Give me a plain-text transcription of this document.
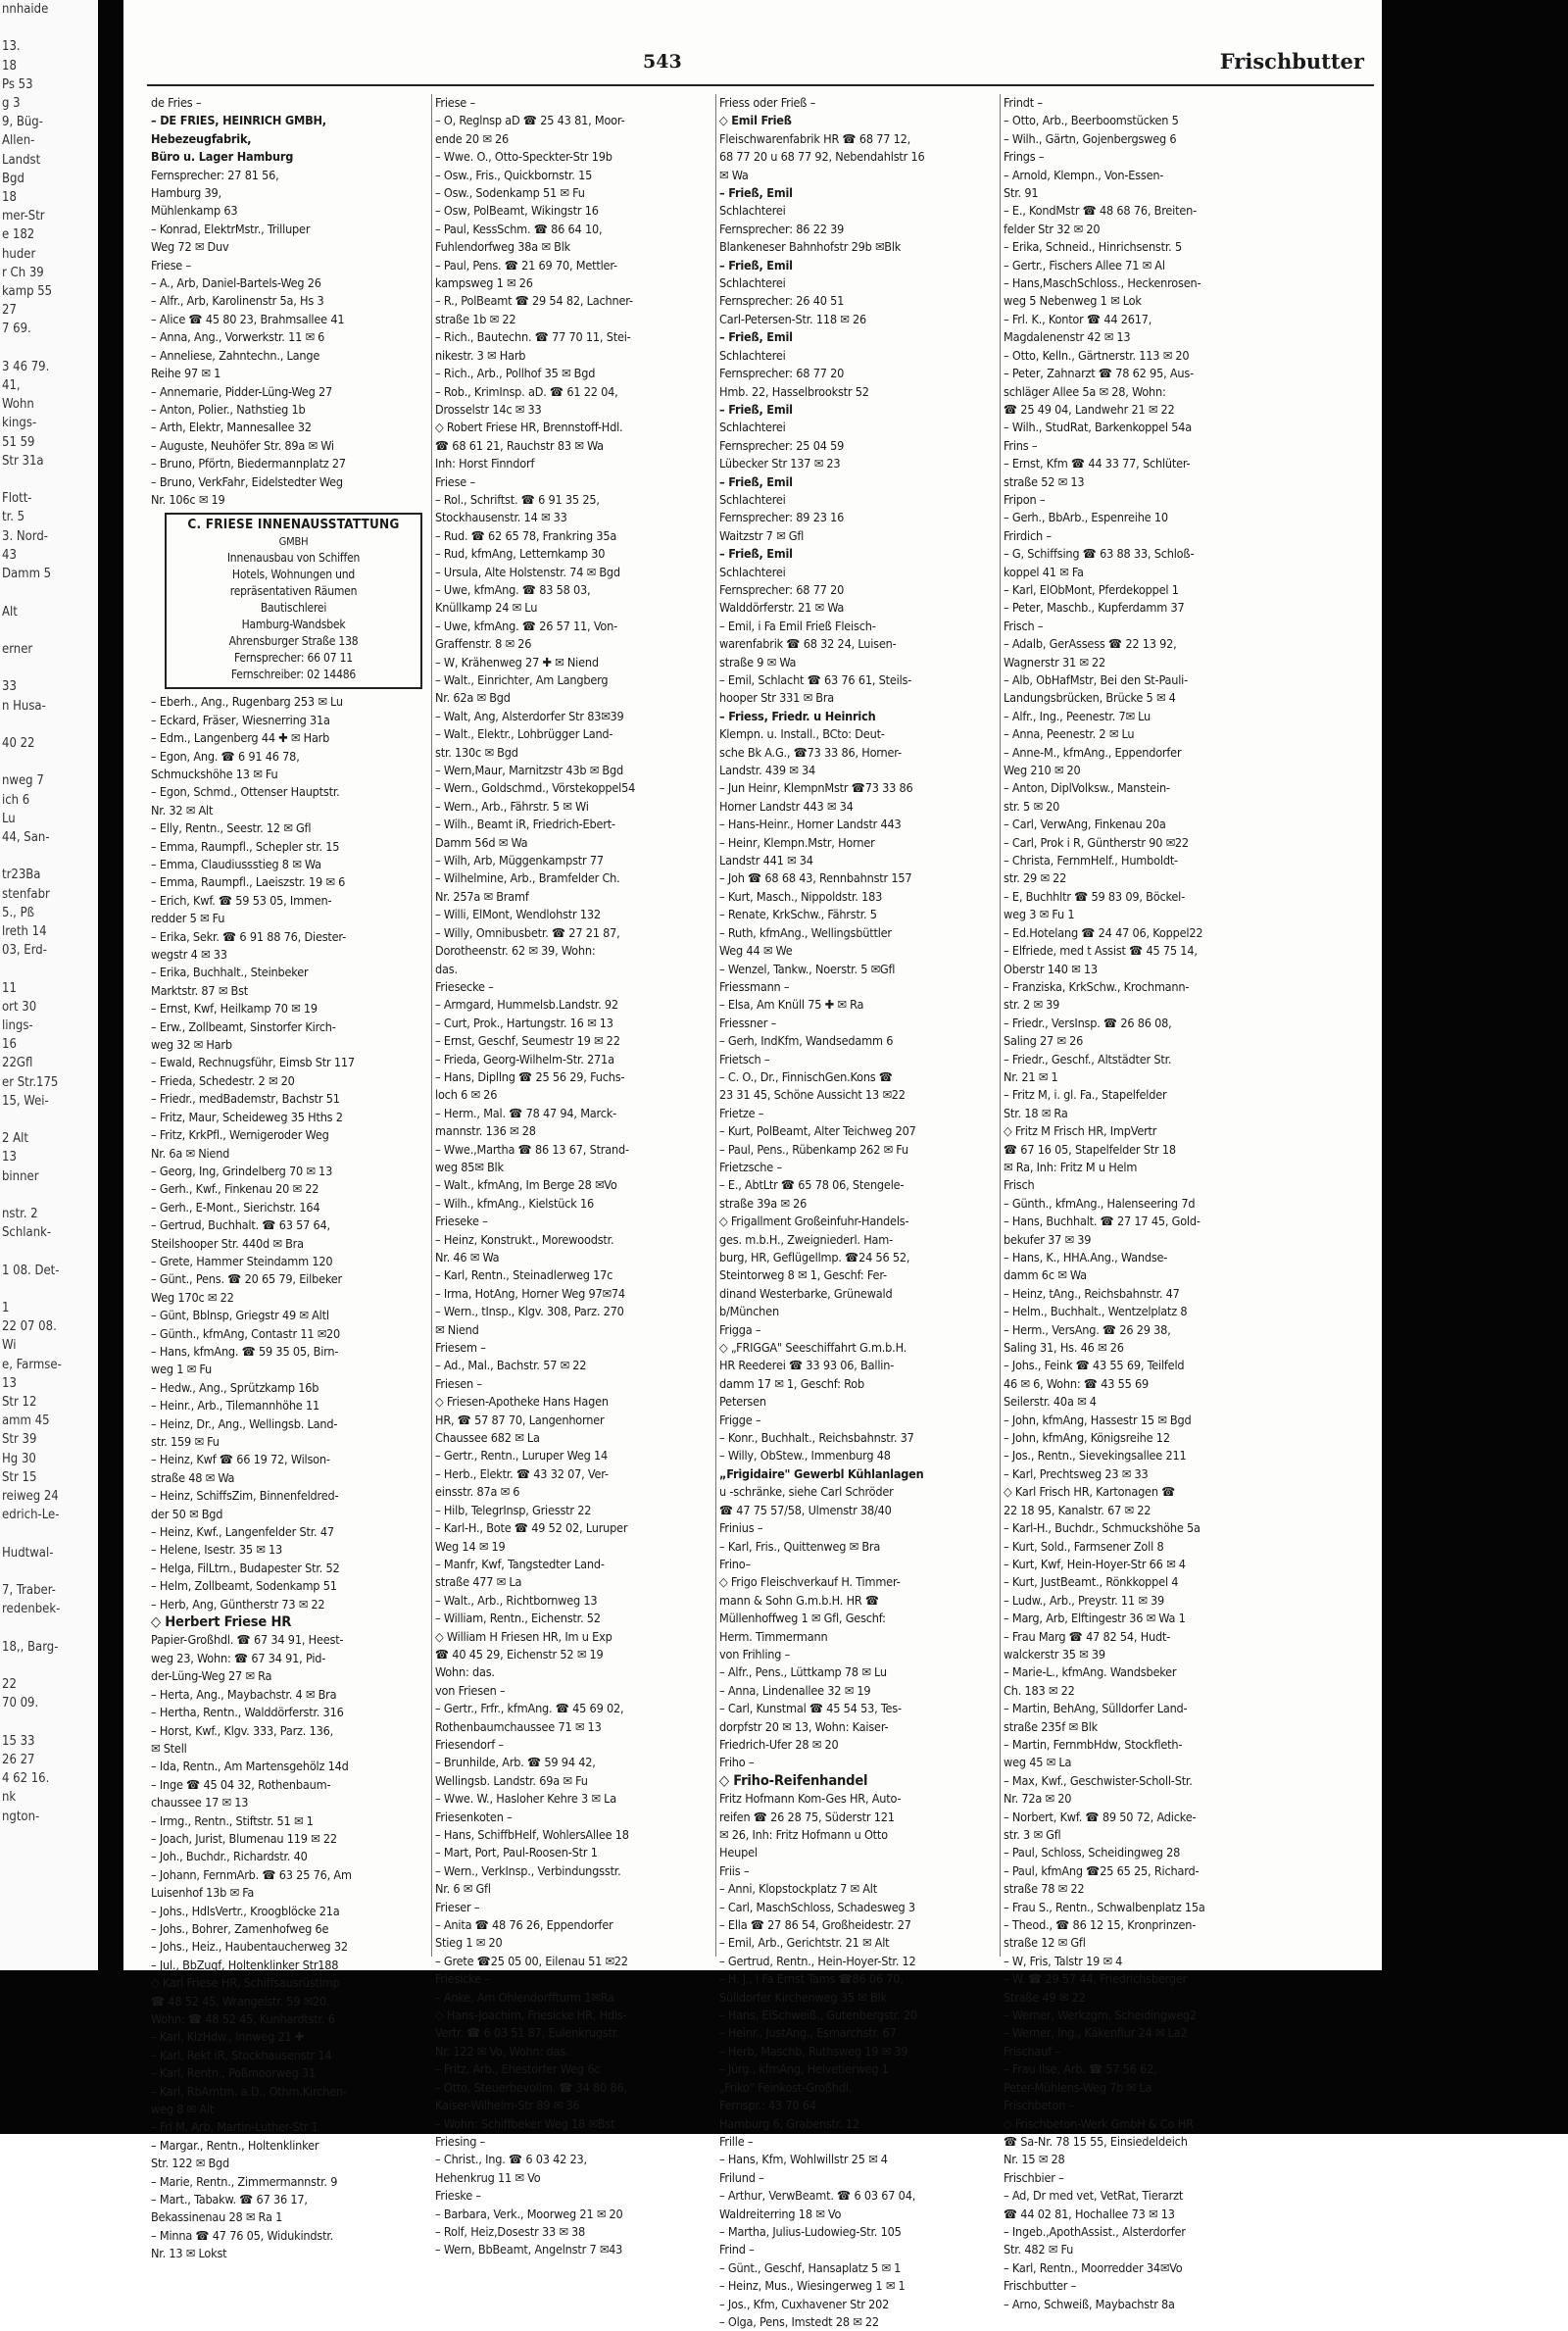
nnhaide

13.
18
Ps 53
g 3
9, Büg-
Allen-
Landst
Bgd
18
mer-Str
e 182
huder
r Ch 39
kamp 55
27
7 69.

3 46 79.
41,
Wohn
kings-
51 59
Str 31a

Flott-
tr. 5
3. Nord-
43
Damm 5

Alt

erner

33
n Husa-

40 22

nweg 7
ich 6
Lu
44, San-

tr23Ba
stenfabr
5., Pß
lreth 14
03, Erd-

11
ort 30
lings-
16
22Gfl
er Str.175
15, Wei-

2 Alt
13
binner

nstr. 2
Schlank-

1 08. Det-

1
22 07 08.
Wi
e, Farmse-
13
Str 12
amm 45
Str 39
Hg 30
Str 15
reiweg 24
edrich-Le-

Hudtwal-

7, Traber-
redenbek-

18,, Barg-

22
70 09.

15 33
26 27
4 62 16.
nk
ngton-
543	Frischbutter
de Fries –
– DE FRIES, HEINRICH GMBH,
Hebezeugfabrik,
Büro u. Lager Hamburg
Fernsprecher: 27 81 56,
Hamburg 39,
Mühlenkamp 63
– Konrad, ElektrMstr., Trilluper
Weg 72 ✉ Duv
Friese –
– A., Arb, Daniel-Bartels-Weg 26
– Alfr., Arb, Karolinenstr 5a, Hs 3
– Alice ☎ 45 80 23, Brahmsallee 41
– Anna, Ang., Vorwerkstr. 11 ✉ 6
– Anneliese, Zahntechn., Lange
Reihe 97 ✉ 1
– Annemarie, Pidder-Lüng-Weg 27
– Anton, Polier., Nathstieg 1b
– Arth, Elektr, Mannesallee 32
– Auguste, Neuhöfer Str. 89a ✉ Wi
– Bruno, Pförtn, Biedermannplatz 27
– Bruno, VerkFahr, Eidelstedter Weg
Nr. 106c ✉ 19
C. FRIESE INNENAUSSTATTUNG
GMBH
Innenausbau von Schiffen
Hotels, Wohnungen und
repräsentativen Räumen
Bautischlerei
Hamburg-Wandsbek
Ahrensburger Straße 138
Fernsprecher: 66 07 11
Fernschreiber: 02 14486
– Eberh., Ang., Rugenbarg 253 ✉ Lu
– Eckard, Fräser, Wiesnerring 31a
– Edm., Langenberg 44 ✚ ✉ Harb
– Egon, Ang. ☎ 6 91 46 78,
Schmuckshöhe 13 ✉ Fu
– Egon, Schmd., Ottenser Hauptstr.
Nr. 32 ✉ Alt
– Elly, Rentn., Seestr. 12 ✉ Gfl
– Emma, Raumpfl., Schepler str. 15
– Emma, Claudiussstieg 8 ✉ Wa
– Emma, Raumpfl., Laeiszstr. 19 ✉ 6
– Erich, Kwf. ☎ 59 53 05, Immen-
redder 5 ✉ Fu
– Erika, Sekr. ☎ 6 91 88 76, Diester-
wegstr 4 ✉ 33
– Erika, Buchhalt., Steinbeker
Marktstr. 87 ✉ Bst
– Ernst, Kwf, Heilkamp 70 ✉ 19
– Erw., Zollbeamt, Sinstorfer Kirch-
weg 32 ✉ Harb
– Ewald, Rechnugsführ, Eimsb Str 117
– Frieda, Schedestr. 2 ✉ 20
– Friedr., medBademstr, Bachstr 51
– Fritz, Maur, Scheideweg 35 Hths 2
– Fritz, KrkPfl., Wernigeroder Weg
Nr. 6a ✉ Niend
– Georg, Ing, Grindelberg 70 ✉ 13
– Gerh., Kwf., Finkenau 20 ✉ 22
– Gerh., E-Mont., Sierichstr. 164
– Gertrud, Buchhalt. ☎ 63 57 64,
Steilshooper Str. 440d ✉ Bra
– Grete, Hammer Steindamm 120
– Günt., Pens. ☎ 20 65 79, Eilbeker
Weg 170c ✉ 22
– Günt, Bblnsp, Griegstr 49 ✉ Altl
– Günth., kfmAng, Contastr 11 ✉20
– Hans, kfmAng. ☎ 59 35 05, Birn-
weg 1 ✉ Fu
– Hedw., Ang., Sprützkamp 16b
– Heinr., Arb., Tilemannhöhe 11
– Heinz, Dr., Ang., Wellingsb. Land-
str. 159 ✉ Fu
– Heinz, Kwf ☎ 66 19 72, Wilson-
straße 48 ✉ Wa
– Heinz, SchiffsZim, Binnenfeldred-
der 50 ✉ Bgd
– Heinz, Kwf., Langenfelder Str. 47
– Helene, Isestr. 35 ✉ 13
– Helga, FilLtrn., Budapester Str. 52
– Helm, Zollbeamt, Sodenkamp 51
– Herb, Ang, Güntherstr 73 ✉ 22
◇ Herbert Friese HR
Papier-Großhdl. ☎ 67 34 91, Heest-
weg 23, Wohn: ☎ 67 34 91, Pid-
der-Lüng-Weg 27 ✉ Ra
– Herta, Ang., Maybachstr. 4 ✉ Bra
– Hertha, Rentn., Walddörferstr. 316
– Horst, Kwf., Klgv. 333, Parz. 136,
✉ Stell
– Ida, Rentn., Am Martensgehölz 14d
– Inge ☎ 45 04 32, Rothenbaum-
chaussee 17 ✉ 13
– Irmg., Rentn., Stiftstr. 51 ✉ 1
– Joach, Jurist, Blumenau 119 ✉ 22
– Joh., Buchdr., Richardstr. 40
– Johann, FernmArb. ☎ 63 25 76, Am
Luisenhof 13b ✉ Fa
– Johs., HdlsVertr., Kroogblöcke 21a
– Johs., Bohrer, Zamenhofweg 6e
– Johs., Heiz., Haubentaucherweg 32
– Jul., BbZugf, Holtenklinker Str188
◇ Karl Friese HR, Schiffsausrüstlmp
☎ 48 52 45, Wrangelstr. 59 ✉20.
Wohn: ☎ 48 52 45, Kunhardtstr. 6
– Karl, KlzHdw., Innweg 21 ✚
– Karl, Rekt iR, Stockhausenstr 14
– Karl, Rentn., Poßmoorweg 31
– Karl, RbAmtm. a.D., Othm.Kirchen-
weg 8 ✉ Alt
– Frl M, Arb, Martin-Luther-Str 1
– Margar., Rentn., Holtenklinker
Str. 122 ✉ Bgd
– Marie, Rentn., Zimmermannstr. 9
– Mart., Tabakw. ☎ 67 36 17,
Bekassinenau 28 ✉ Ra 1
– Minna ☎ 47 76 05, Widukindstr.
Nr. 13 ✉ Lokst
Friese –
– O, Reglnsp aD ☎ 25 43 81, Moor-
ende 20 ✉ 26
– Wwe. O., Otto-Speckter-Str 19b
– Osw., Fris., Quickbornstr. 15
– Osw., Sodenkamp 51 ✉ Fu
– Osw, PolBeamt, Wikingstr 16
– Paul, KessSchm. ☎ 86 64 10,
Fuhlendorfweg 38a ✉ Blk
– Paul, Pens. ☎ 21 69 70, Mettler-
kampsweg 1 ✉ 26
– R., PolBeamt ☎ 29 54 82, Lachner-
straße 1b ✉ 22
– Rich., Bautechn. ☎ 77 70 11, Stei-
nikestr. 3 ✉ Harb
– Rich., Arb., Pollhof 35 ✉ Bgd
– Rob., KrimInsp. aD. ☎ 61 22 04,
Drosselstr 14c ✉ 33
◇ Robert Friese HR, Brennstoff-Hdl.
☎ 68 61 21, Rauchstr 83 ✉ Wa
Inh: Horst Finndorf
Friese –
– Rol., Schriftst. ☎ 6 91 35 25,
Stockhausenstr. 14 ✉ 33
– Rud. ☎ 62 65 78, Frankring 35a
– Rud, kfmAng, Letternkamp 30
– Ursula, Alte Holstenstr. 74 ✉ Bgd
– Uwe, kfmAng. ☎ 83 58 03,
Knüllkamp 24 ✉ Lu
– Uwe, kfmAng. ☎ 26 57 11, Von-
Graffenstr. 8 ✉ 26
– W, Krähenweg 27 ✚ ✉ Niend
– Walt., Einrichter, Am Langberg
Nr. 62a ✉ Bgd
– Walt, Ang, Alsterdorfer Str 83✉39
– Walt., Elektr., Lohbrügger Land-
str. 130c ✉ Bgd
– Wern,Maur, Marnitzstr 43b ✉ Bgd
– Wern., Goldschmd., Vörstekoppel54
– Wern., Arb., Fährstr. 5 ✉ Wi
– Wilh., Beamt iR, Friedrich-Ebert-
Damm 56d ✉ Wa
– Wilh, Arb, Müggenkampstr 77
– Wilhelmine, Arb., Bramfelder Ch.
Nr. 257a ✉ Bramf
– Willi, ElMont, Wendlohstr 132
– Willy, Omnibusbetr. ☎ 27 21 87,
Dorotheenstr. 62 ✉ 39, Wohn:
das.
Friesecke –
– Armgard, Hummelsb.Landstr. 92
– Curt, Prok., Hartungstr. 16 ✉ 13
– Ernst, Geschf, Seumestr 19 ✉ 22
– Frieda, Georg-Wilhelm-Str. 271a
– Hans, Dipllng ☎ 25 56 29, Fuchs-
loch 6 ✉ 26
– Herm., Mal. ☎ 78 47 94, Marck-
mannstr. 136 ✉ 28
– Wwe.,Martha ☎ 86 13 67, Strand-
weg 85✉ Blk
– Walt., kfmAng, Im Berge 28 ✉Vo
– Wilh., kfmAng., Kielstück 16
Frieseke –
– Heinz, Konstrukt., Morewoodstr.
Nr. 46 ✉ Wa
– Karl, Rentn., Steinadlerweg 17c
– Irma, HotAng, Horner Weg 97✉74
– Wern., tInsp., Klgv. 308, Parz. 270
✉ Niend
Friesem –
– Ad., Mal., Bachstr. 57 ✉ 22
Friesen –
◇ Friesen-Apotheke Hans Hagen
HR, ☎ 57 87 70, Langenhorner
Chaussee 682 ✉ La
– Gertr., Rentn., Luruper Weg 14
– Herb., Elektr. ☎ 43 32 07, Ver-
einsstr. 87a ✉ 6
– Hilb, TelegrInsp, Griesstr 22
– Karl-H., Bote ☎ 49 52 02, Luruper
Weg 14 ✉ 19
– Manfr, Kwf, Tangstedter Land-
straße 477 ✉ La
– Walt., Arb., Richtbornweg 13
– William, Rentn., Eichenstr. 52
◇ William H Friesen HR, Im u Exp
☎ 40 45 29, Eichenstr 52 ✉ 19
Wohn: das.
von Friesen –
– Gertr., Frfr., kfmAng. ☎ 45 69 02,
Rothenbaumchaussee 71 ✉ 13
Friesendorf –
– Brunhilde, Arb. ☎ 59 94 42,
Wellingsb. Landstr. 69a ✉ Fu
– Wwe. W., Hasloher Kehre 3 ✉ La
Friesenkoten –
– Hans, SchiffbHelf, WohlersAllee 18
– Mart, Port, Paul-Roosen-Str 1
– Wern., VerkInsp., Verbindungsstr.
Nr. 6 ✉ Gfl
Frieser –
– Anita ☎ 48 76 26, Eppendorfer
Stieg 1 ✉ 20
– Grete ☎25 05 00, Eilenau 51 ✉22
Friesicke –
– Anke, Am Ohlendorffturm 1✉Ra
◇ Hans-Joachim, Friesicke HR, Hdls-
Vertr. ☎ 6 03 51 87, Eulenkrugstr.
Nr. 122 ✉ Vo, Wohn: das.
– Fritz, Arb., Ehestorfer Weg 6c
– Otto, Steuerbevollm. ☎ 34 80 86,
Kaiser-Wilhelm-Str 89 ✉ 36
– Wohn: Schiffbeker Weg 18 ✉Bst
Friesing –
– Christ., Ing. ☎ 6 03 42 23,
Hehenkrug 11 ✉ Vo
Frieske –
– Barbara, Verk., Moorweg 21 ✉ 20
– Rolf, Heiz,Dosestr 33 ✉ 38
– Wern, BbBeamt, Angelnstr 7 ✉43
Friess oder Frieß –
◇ Emil Frieß
Fleischwarenfabrik HR ☎ 68 77 12,
68 77 20 u 68 77 92, Nebendahlstr 16
✉ Wa
– Frieß, Emil
Schlachterei
Fernsprecher: 86 22 39
Blankeneser Bahnhofstr 29b ✉Blk
– Frieß, Emil
Schlachterei
Fernsprecher: 26 40 51
Carl-Petersen-Str. 118 ✉ 26
– Frieß, Emil
Schlachterei
Fernsprecher: 68 77 20
Hmb. 22, Hasselbrookstr 52
– Frieß, Emil
Schlachterei
Fernsprecher: 25 04 59
Lübecker Str 137 ✉ 23
– Frieß, Emil
Schlachterei
Fernsprecher: 89 23 16
Waitzstr 7 ✉ Gfl
– Frieß, Emil
Schlachterei
Fernsprecher: 68 77 20
Walddörferstr. 21 ✉ Wa
– Emil, i Fa Emil Frieß Fleisch-
warenfabrik ☎ 68 32 24, Luisen-
straße 9 ✉ Wa
– Emil, Schlacht ☎ 63 76 61, Steils-
hooper Str 331 ✉ Bra
– Friess, Friedr. u Heinrich
Klempn. u. Install., BCto: Deut-
sche Bk A.G., ☎73 33 86, Horner-
Landstr. 439 ✉ 34
– Jun Heinr, KlempnMstr ☎73 33 86
Horner Landstr 443 ✉ 34
– Hans-Heinr., Horner Landstr 443
– Heinr, Klempn.Mstr, Horner
Landstr 441 ✉ 34
– Joh ☎ 68 68 43, Rennbahnstr 157
– Kurt, Masch., Nippoldstr. 183
– Renate, KrkSchw., Fährstr. 5
– Ruth, kfmAng., Wellingsbüttler
Weg 44 ✉ We
– Wenzel, Tankw., Noerstr. 5 ✉Gfl
Friessmann –
– Elsa, Am Knüll 75 ✚ ✉ Ra
Friessner –
– Gerh, IndKfm, Wandsedamm 6
Frietsch –
– C. O., Dr., FinnischGen.Kons ☎
23 31 45, Schöne Aussicht 13 ✉22
Frietze –
– Kurt, PolBeamt, Alter Teichweg 207
– Paul, Pens., Rübenkamp 262 ✉ Fu
Frietzsche –
– E., AbtLtr ☎ 65 78 06, Stengele-
straße 39a ✉ 26
◇ Frigallment Großeinfuhr-Handels-
ges. m.b.H., Zweigniederl. Ham-
burg, HR, Geflügellmp. ☎24 56 52,
Steintorweg 8 ✉ 1, Geschf: Fer-
dinand Westerbarke, Grünewald
b/München
Frigga –
◇ „FRIGGA" Seeschiffahrt G.m.b.H.
HR Reederei ☎ 33 93 06, Ballin-
damm 17 ✉ 1, Geschf: Rob
Petersen
Frigge –
– Konr., Buchhalt., Reichsbahnstr. 37
– Willy, ObStew., Immenburg 48
„Frigidaire" Gewerbl Kühlanlagen
u -schränke, siehe Carl Schröder
☎ 47 75 57/58, Ulmenstr 38/40
Frinius –
– Karl, Fris., Quittenweg ✉ Bra
Frino–
◇ Frigo Fleischverkauf H. Timmer-
mann & Sohn G.m.b.H. HR ☎
Müllenhoffweg 1 ✉ Gfl, Geschf:
Herm. Timmermann
von Frihling –
– Alfr., Pens., Lüttkamp 78 ✉ Lu
– Anna, Lindenallee 32 ✉ 19
– Carl, Kunstmal ☎ 45 54 53, Tes-
dorpfstr 20 ✉ 13, Wohn: Kaiser-
Friedrich-Ufer 28 ✉ 20
Friho –
◇ Friho-Reifenhandel
Fritz Hofmann Kom-Ges HR, Auto-
reifen ☎ 26 28 75, Süderstr 121
✉ 26, Inh: Fritz Hofmann u Otto
Heupel
Friis –
– Anni, Klopstockplatz 7 ✉ Alt
– Carl, MaschSchloss, Schadesweg 3
– Ella ☎ 27 86 54, Großheidestr. 27
– Emil, Arb., Gerichtstr. 21 ✉ Alt
– Gertrud, Rentn., Hein-Hoyer-Str. 12
– H. J., i Fa Ernst Tams ☎86 06 70,
Sülldorfer Kirchenweg 35 ✉ Blk
– Hans, ElSchweiß., Gutenbergstr. 20
– Heinr., JustAng., Esmarchstr. 67
– Herb, Maschb, Ruthsweg 19 ✉ 39
– Jürg., kfmAng, Helvetierweg 1
„Friko" Feinkost-Großhdl.
Fernspr.: 43 70 64
Hamburg 6, Grabenstr. 12
Frille –
– Hans, Kfm, Wohlwillstr 25 ✉ 4
Frilund –
– Arthur, VerwBeamt. ☎ 6 03 67 04,
Waldreiterring 18 ✉ Vo
– Martha, Julius-Ludowieg-Str. 105
Frind –
– Günt., Geschf, Hansaplatz 5 ✉ 1
– Heinz, Mus., Wiesingerweg 1 ✉ 1
– Jos., Kfm, Cuxhavener Str 202
– Olga, Pens, Imstedt 28 ✉ 22
Frindt –
– Otto, Arb., Beerboomstücken 5
– Wilh., Gärtn, Gojenbergsweg 6
Frings –
– Arnold, Klempn., Von-Essen-
Str. 91
– E., KondMstr ☎ 48 68 76, Breiten-
felder Str 32 ✉ 20
– Erika, Schneid., Hinrichsenstr. 5
– Gertr., Fischers Allee 71 ✉ Al
– Hans,MaschSchloss., Heckenrosen-
weg 5 Nebenweg 1 ✉ Lok
– Frl. K., Kontor ☎ 44 2617,
Magdalenenstr 42 ✉ 13
– Otto, Kelln., Gärtnerstr. 113 ✉ 20
– Peter, Zahnarzt ☎ 78 62 95, Aus-
schläger Allee 5a ✉ 28, Wohn:
☎ 25 49 04, Landwehr 21 ✉ 22
– Wilh., StudRat, Barkenkoppel 54a
Frins –
– Ernst, Kfm ☎ 44 33 77, Schlüter-
straße 52 ✉ 13
Fripon –
– Gerh., BbArb., Espenreihe 10
Frirdich –
– G, Schiffsing ☎ 63 88 33, Schloß-
koppel 41 ✉ Fa
– Karl, ElObMont, Pferdekoppel 1
– Peter, Maschb., Kupferdamm 37
Frisch –
– Adalb, GerAssess ☎ 22 13 92,
Wagnerstr 31 ✉ 22
– Alb, ObHafMstr, Bei den St-Pauli-
Landungsbrücken, Brücke 5 ✉ 4
– Alfr., Ing., Peenestr. 7✉ Lu
– Anna, Peenestr. 2 ✉ Lu
– Anne-M., kfmAng., Eppendorfer
Weg 210 ✉ 20
– Anton, DiplVolksw., Manstein-
str. 5 ✉ 20
– Carl, VerwAng, Finkenau 20a
– Carl, Prok i R, Güntherstr 90 ✉22
– Christa, FernmHelf., Humboldt-
str. 29 ✉ 22
– E, Buchhltr ☎ 59 83 09, Böckel-
weg 3 ✉ Fu 1
– Ed.Hotelang ☎ 24 47 06, Koppel22
– Elfriede, med t Assist ☎ 45 75 14,
Oberstr 140 ✉ 13
– Franziska, KrkSchw., Krochmann-
str. 2 ✉ 39
– Friedr., VersInsp. ☎ 26 86 08,
Saling 27 ✉ 26
– Friedr., Geschf., Altstädter Str.
Nr. 21 ✉ 1
– Fritz M, i. gl. Fa., Stapelfelder
Str. 18 ✉ Ra
◇ Fritz M Frisch HR, ImpVertr
☎ 67 16 05, Stapelfelder Str 18
✉ Ra, Inh: Fritz M u Helm
Frisch
– Günth., kfmAng., Halenseering 7d
– Hans, Buchhalt. ☎ 27 17 45, Gold-
bekufer 37 ✉ 39
– Hans, K., HHA.Ang., Wandse-
damm 6c ✉ Wa
– Heinz, tAng., Reichsbahnstr. 47
– Helm., Buchhalt., Wentzelplatz 8
– Herm., VersAng. ☎ 26 29 38,
Saling 31, Hs. 46 ✉ 26
– Johs., Feink ☎ 43 55 69, Teilfeld
46 ✉ 6, Wohn: ☎ 43 55 69
Seilerstr. 40a ✉ 4
– John, kfmAng, Hassestr 15 ✉ Bgd
– John, kfmAng, Königsreihe 12
– Jos., Rentn., Sievekingsallee 211
– Karl, Prechtsweg 23 ✉ 33
◇ Karl Frisch HR, Kartonagen ☎
22 18 95, Kanalstr. 67 ✉ 22
– Karl-H., Buchdr., Schmuckshöhe 5a
– Kurt, Sold., Farmsener Zoll 8
– Kurt, Kwf, Hein-Hoyer-Str 66 ✉ 4
– Kurt, JustBeamt., Rönkkoppel 4
– Ludw., Arb., Preystr. 11 ✉ 39
– Marg, Arb, Elftingestr 36 ✉ Wa 1
– Frau Marg ☎ 47 82 54, Hudt-
walckerstr 35 ✉ 39
– Marie-L., kfmAng. Wandsbeker
Ch. 183 ✉ 22
– Martin, BehAng, Sülldorfer Land-
straße 235f ✉ Blk
– Martin, FernmbHdw, Stockfleth-
weg 45 ✉ La
– Max, Kwf., Geschwister-Scholl-Str.
Nr. 72a ✉ 20
– Norbert, Kwf. ☎ 89 50 72, Adicke-
str. 3 ✉ Gfl
– Paul, Schloss, Scheidingweg 28
– Paul, kfmAng ☎25 65 25, Richard-
straße 78 ✉ 22
– Frau S., Rentn., Schwalbenplatz 15a
– Theod., ☎ 86 12 15, Kronprinzen-
straße 12 ✉ Gfl
– W, Fris, Talstr 19 ✉ 4
– W. ☎ 29 57 44, Friedrichsberger
Straße 49 ✉ 22
– Werner, Werkzgm, Scheidingweg2
– Werner, Ing., Käkenflur 24 ✉ La2
Frischauf –
– Frau Ilse, Arb. ☎ 57 56 62,
Peter-Mühlens-Weg 7b ✉ La
Frischbeton –
◇ Frischbeton-Werk GmbH & Co HR
☎ Sa-Nr. 78 15 55, Einsiedeldeich
Nr. 15 ✉ 28
Frischbier –
– Ad, Dr med vet, VetRat, Tierarzt
☎ 44 02 81, Hochallee 73 ✉ 13
– Ingeb.,ApothAssist., Alsterdorfer
Str. 482 ✉ Fu
– Karl, Rentn., Moorredder 34✉Vo
Frischbutter –
– Arno, Schweiß, Maybachstr 8a
